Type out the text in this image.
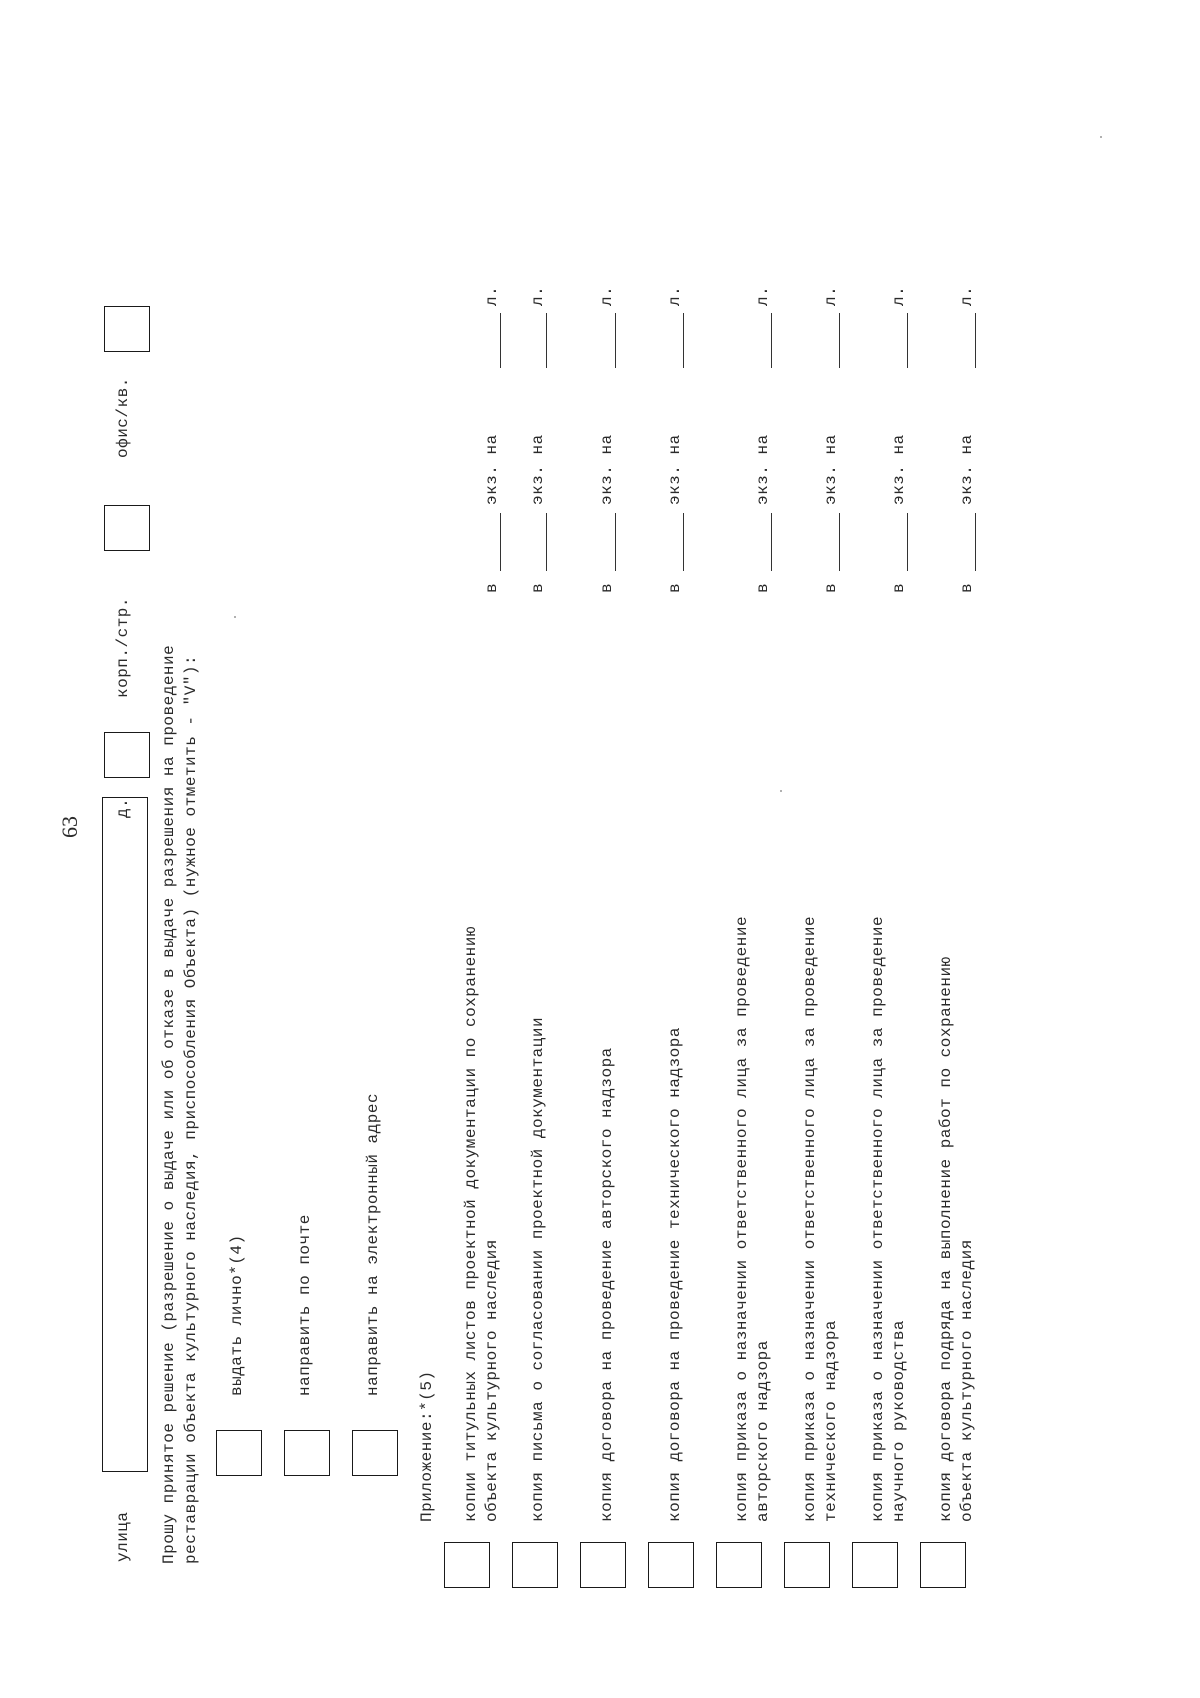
63
улица
д.
корп./стр.
офис/кв.
Прошу принятое решение (разрешение о выдаче или об отказе в выдаче разрешения на проведение реставрации объекта культурного наследия, приспособления Объекта) (нужное отметить - "V"): выдать лично*(4)	направить по почте	направить на электронный адрес
Приложение:*(5) копии титульных листов проектной документации по сохранению объекта культурного наследия
в
экз. на
л.
копия письма о согласовании проектной документации
в
экз. на
л.
копия договора на проведение авторского надзора
в
экз. на
л.
копия договора на проведение технического надзора
в
экз. на
л.
копия приказа о назначении ответственного лица за проведение авторского надзора
в
экз. на
л.
копия приказа о назначении ответственного лица за проведение технического надзора
в
экз. на
л.
копия приказа о назначении ответственного лица за проведение научного руководства
в
экз. на
л.
копия договора подряда на выполнение работ по сохранению объекта культурного наследия
в
экз. на
л.
